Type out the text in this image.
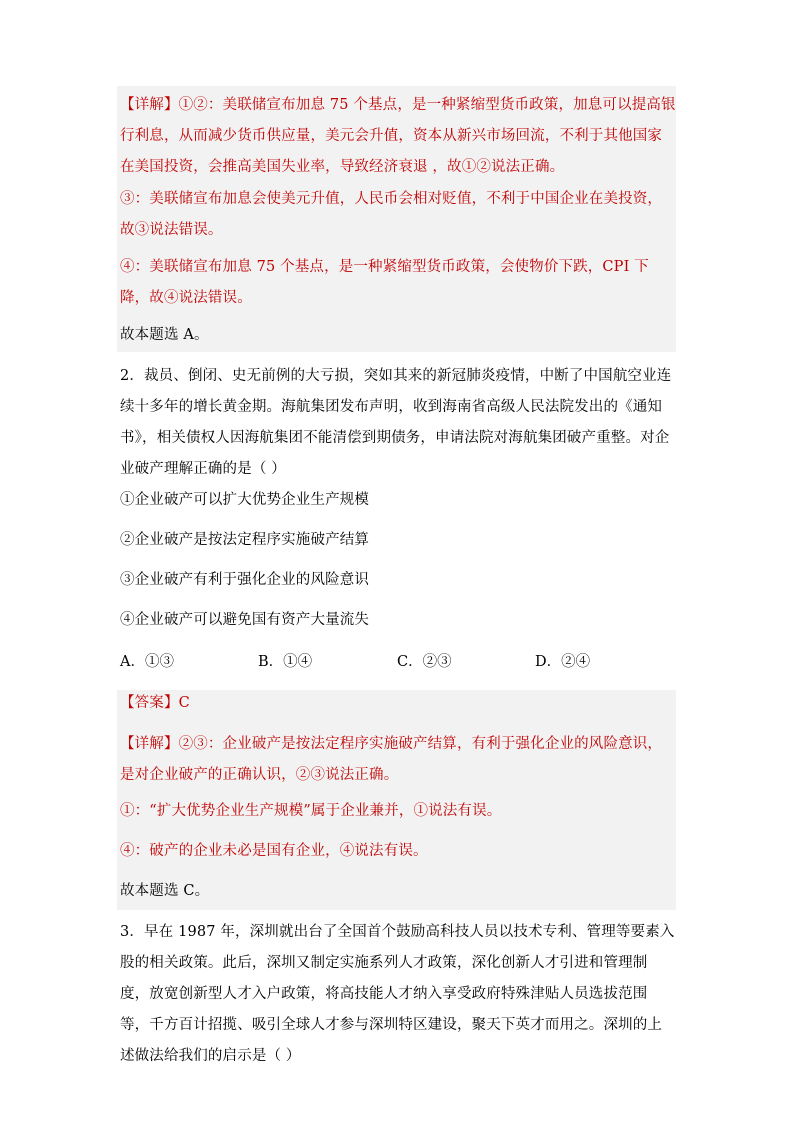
【详解】①②：美联储宣布加息 75 个基点，是一种紧缩型货币政策，加息可以提高银行利息，从而减少货币供应量，美元会升值，资本从新兴市场回流，不利于其他国家在美国投资，会推高美国失业率，导致经济衰退 ，故①②说法正确。
③：美联储宣布加息会使美元升值，人民币会相对贬值，不利于中国企业在美投资，故③说法错误。
④：美联储宣布加息 75 个基点，是一种紧缩型货币政策，会使物价下跌，CPI 下降，故④说法错误。
故本题选 A。
2．裁员、倒闭、史无前例的大亏损，突如其来的新冠肺炎疫情，中断了中国航空业连续十多年的增长黄金期。海航集团发布声明，收到海南省高级人民法院发出的《通知书》，相关债权人因海航集团不能清偿到期债务，申请法院对海航集团破产重整。对企业破产理解正确的是（ ）
①企业破产可以扩大优势企业生产规模
②企业破产是按法定程序实施破产结算
③企业破产有利于强化企业的风险意识
④企业破产可以避免国有资产大量流失
A．①③	B．①④	C．②③	D．②④
【答案】C
【详解】②③：企业破产是按法定程序实施破产结算，有利于强化企业的风险意识，是对企业破产的正确认识，②③说法正确。
①：“扩大优势企业生产规模”属于企业兼并，①说法有误。
④：破产的企业未必是国有企业，④说法有误。
故本题选 C。
3．早在 1987 年，深圳就出台了全国首个鼓励高科技人员以技术专利、管理等要素入股的相关政策。此后，深圳又制定实施系列人才政策，深化创新人才引进和管理制度，放宽创新型人才入户政策，将高技能人才纳入享受政府特殊津贴人员选拔范围等，千方百计招揽、吸引全球人才参与深圳特区建设，聚天下英才而用之。深圳的上述做法给我们的启示是（ ）
